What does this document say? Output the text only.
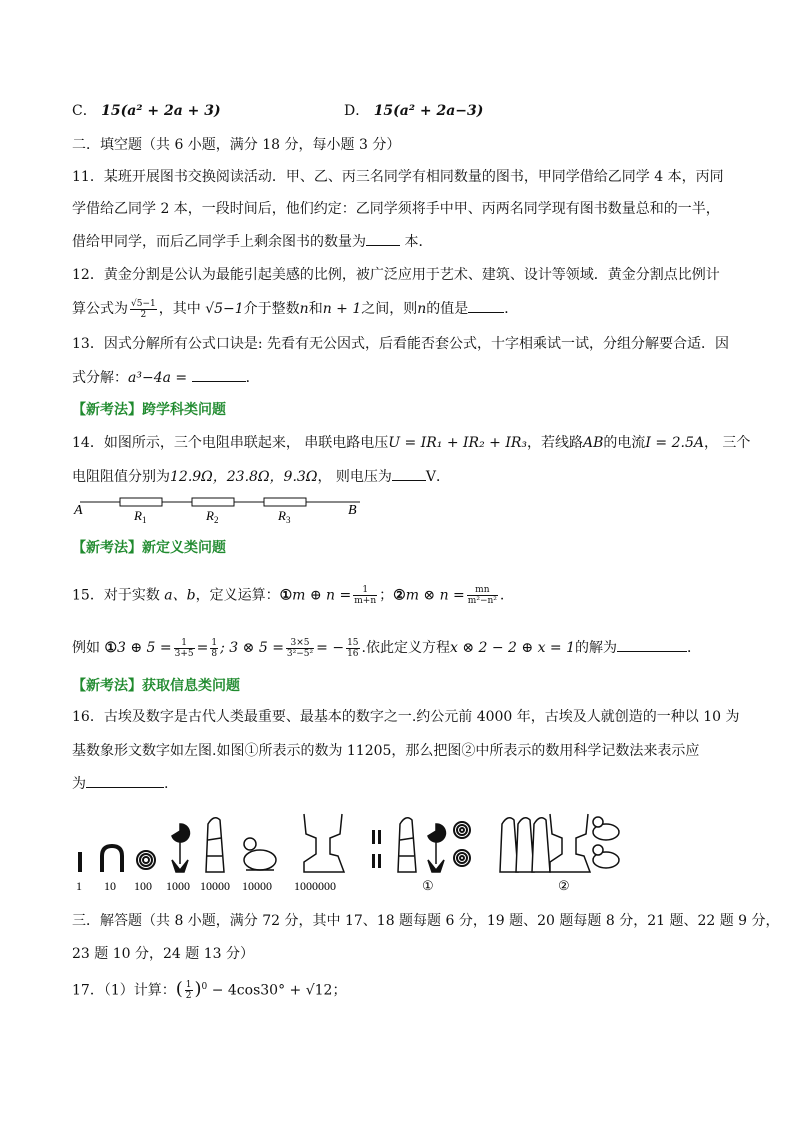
C． 15(a² + 2a + 3)	D． 15(a² + 2a−3)
二．填空题（共 6 小题，满分 18 分，每小题 3 分）
11．某班开展图书交换阅读活动．甲、乙、丙三名同学有相同数量的图书，甲同学借给乙同学 4 本，丙同
学借给乙同学 2 本，一段时间后，他们约定：乙同学须将手中甲、丙两名同学现有图书数量总和的一半，
借给甲同学，而后乙同学手上剩余图书的数量为 本．
12．黄金分割是公认为最能引起美感的比例，被广泛应用于艺术、建筑、设计等领域．黄金分割点比例计
算公式为 $\frac{√5-1}{2}$ ，其中 √5−1介于整数n和n + 1之间，则n的值是	．
13．因式分解所有公式口诀是: 先看有无公因式，后看能否套公式，十字相乘试一试，分组分解要合适．因
式分解：a³−4a =	．
【新考法】跨学科类问题
14．如图所示，三个电阻串联起来， 串联电路电压U = IR₁ + IR₂ + IR₃，若线路AB的电流I = 2.5A， 三个
电阻阻值分别为12.9Ω，23.8Ω，9.3Ω， 则电压为 V．
A	B
$R_1$	$R_2$	$R_3$
【新考法】新定义类问题
15．对于实数 a、b，定义运算：①m ⊕ $n = \frac{1}{m+n}$ ；②m ⊗ $n = \frac{mn}{\text{m²−n²}}$ .
例如 ①3 ⊕ $5 = \frac{1}{3+5} = \frac{1}{8}$ ; 3 ⊗ $5 = \frac{3\times 5}{\text{3²−5²}}$ = − $\frac{15}{16}$ .依此定义方程x ⊗ 2 − 2 ⊕ x = 1的解为	．
【新考法】获取信息类问题
16．古埃及数字是古代人类最重要、最基本的数字之一.约公元前 4000 年，古埃及人就创造的一种以 10 为
基数象形文数字如左图.如图①所表示的数为 11205，那么把图②中所表示的数用科学记数法来表示应
为	.
1 10 100 1000 10000 10000 1000000	①	②
三．解答题（共 8 小题，满分 72 分，其中 17、18 题每题 6 分，19 题、20 题每题 8 分，21 题、22 题 9 分，
23 题 10 分，24 题 13 分）
17．（1）计算：( $\frac{1}{2} )^0 - 4\cos 30^\circ + √12$；
